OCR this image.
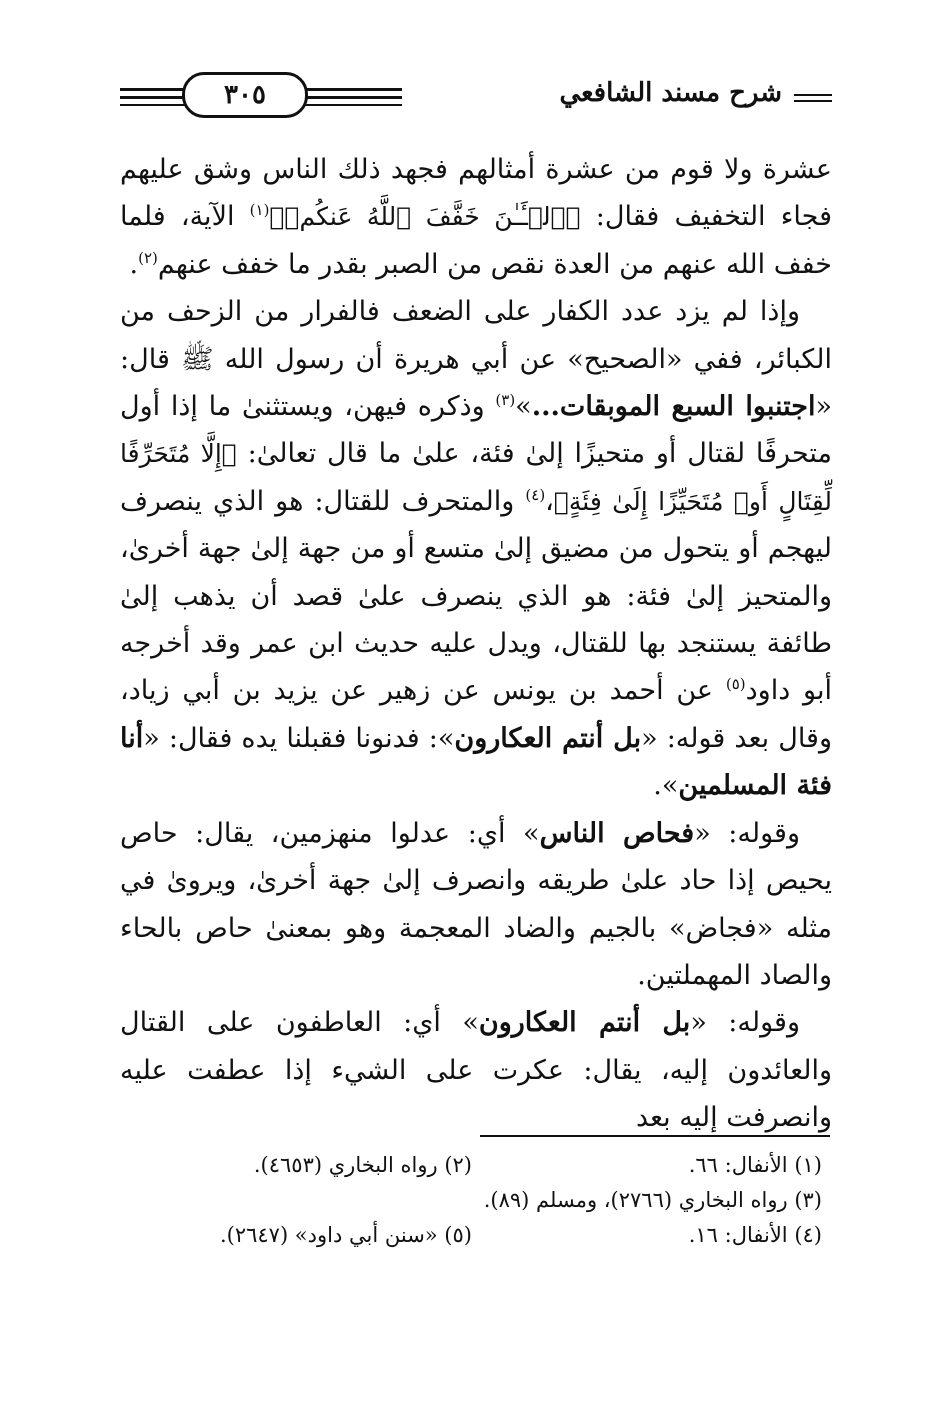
شرح مسند الشافعي
٣٠٥

عشرة ولا قوم من عشرة أمثالهم فجهد ذلك الناس وشق عليهم فجاء التخفيف فقال: ﴿ٱلۡـَٔـٰنَ خَفَّفَ ٱللَّهُ عَنكُمۡ﴾$^{(١)}$ الآية، فلما خفف الله عنهم من العدة نقص من الصبر بقدر ما خفف عنهم$^{(٢)}$.

وإذا لم يزد عدد الكفار على الضعف فالفرار من الزحف من الكبائر، ففي «الصحيح» عن أبي هريرة أن رسول الله ﷺ قال: «اجتنبوا السبع الموبقات...»$^{(٣)}$ وذكره فيهن، ويستثنىٰ ما إذا أول متحرفًا لقتال أو متحيزًا إلىٰ فئة، علىٰ ما قال تعالىٰ: ﴿إِلَّا مُتَحَرِّفًا لِّقِتَالٍ أَوۡ مُتَحَيِّزًا إِلَىٰ فِئَةٍ﴾،$^{(٤)}$ والمتحرف للقتال: هو الذي ينصرف ليهجم أو يتحول من مضيق إلىٰ متسع أو من جهة إلىٰ جهة أخرىٰ، والمتحيز إلىٰ فئة: هو الذي ينصرف علىٰ قصد أن يذهب إلىٰ طائفة يستنجد بها للقتال، ويدل عليه حديث ابن عمر وقد أخرجه أبو داود$^{(٥)}$ عن أحمد بن يونس عن زهير عن يزيد بن أبي زياد، وقال بعد قوله: «بل أنتم العكارون»: فدنونا فقبلنا يده فقال: «أنا فئة المسلمين».

وقوله: «فحاص الناس» أي: عدلوا منهزمين، يقال: حاص يحيص إذا حاد علىٰ طريقه وانصرف إلىٰ جهة أخرىٰ، ويروىٰ في مثله «فجاض» بالجيم والضاد المعجمة وهو بمعنىٰ حاص بالحاء والصاد المهملتين.

وقوله: «بل أنتم العكارون» أي: العاطفون على القتال والعائدون إليه، يقال: عكرت على الشيء إذا عطفت عليه وانصرفت إليه بعد

(١) الأنفال: ٦٦.
(٢) رواه البخاري (٤٦٥٣).
(٣) رواه البخاري (٢٧٦٦)، ومسلم (٨٩).
(٤) الأنفال: ١٦.
(٥) «سنن أبي داود» (٢٦٤٧).
